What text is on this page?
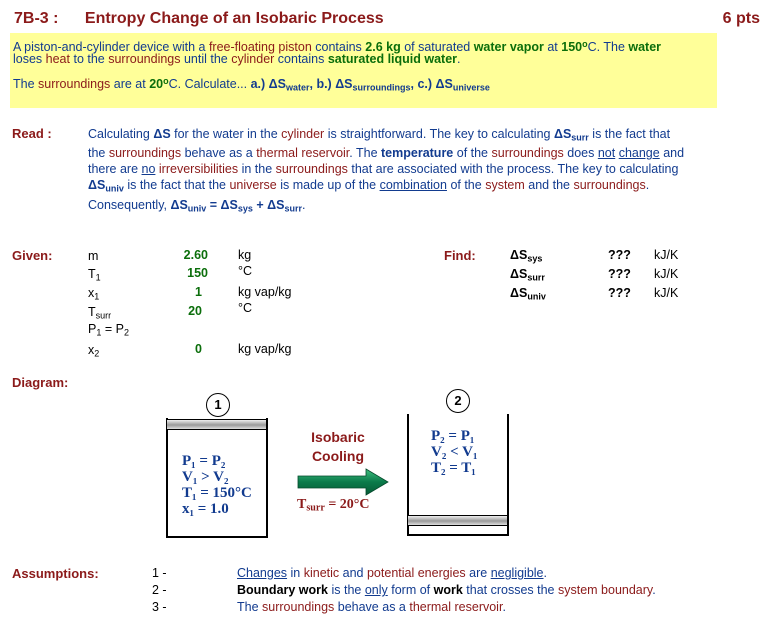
7B-3 : Entropy Change of an Isobaric Process	6 pts
A piston-and-cylinder device with a free-floating piston contains 2.6 kg of saturated water vapor at 150$^o$C. The water
loses heat to the surroundings until the cylinder contains saturated liquid water.
The surroundings are at 20$^o$C. Calculate... a.) $\Delta S_{water}$, b.) $\Delta S_{surroundings}$, c.) $\Delta S_{universe}$
Read :	Calculating ΔS for the water in the cylinder is straightforward. The key to calculating $\Delta S_{surr}$ is the fact that
the surroundings behave as a thermal reservoir. The temperature of the surroundings does not change and
there are no irreversibilities in the surroundings that are associated with the process. The key to calculating
$\Delta S_{univ}$ is the fact that the universe is made up of the combination of the system and the surroundings.
Consequently, $\Delta S_{univ} = \Delta S_{sys} + \Delta S_{surr}$.
Given:	m	2.60 kg
$T_1$	150 °C
$x_1$	1	kg vap/kg
$T_{surr}$	20	°C
$P_1 = P_2$
$x_2$	0	kg vap/kg
Find:	$\Delta S_{sys}$	??? kJ/K
$\Delta S_{surr}$	??? kJ/K
$\Delta S_{univ}$	??? kJ/K
Diagram:
1
P₁ = P₂
V₁ > V₂
T₁ = 150°C
x₁ = 1.0
Isobaric
Cooling
$T_{surr} = 20^\circ C$
2
P₂ = P₁
V₂ < V₁
T₂ = T₁
Assumptions:	1 -	Changes in kinetic and potential energies are negligible.
2 -	Boundary work is the only form of work that crosses the system boundary.
3 -	The surroundings behave as a thermal reservoir.
